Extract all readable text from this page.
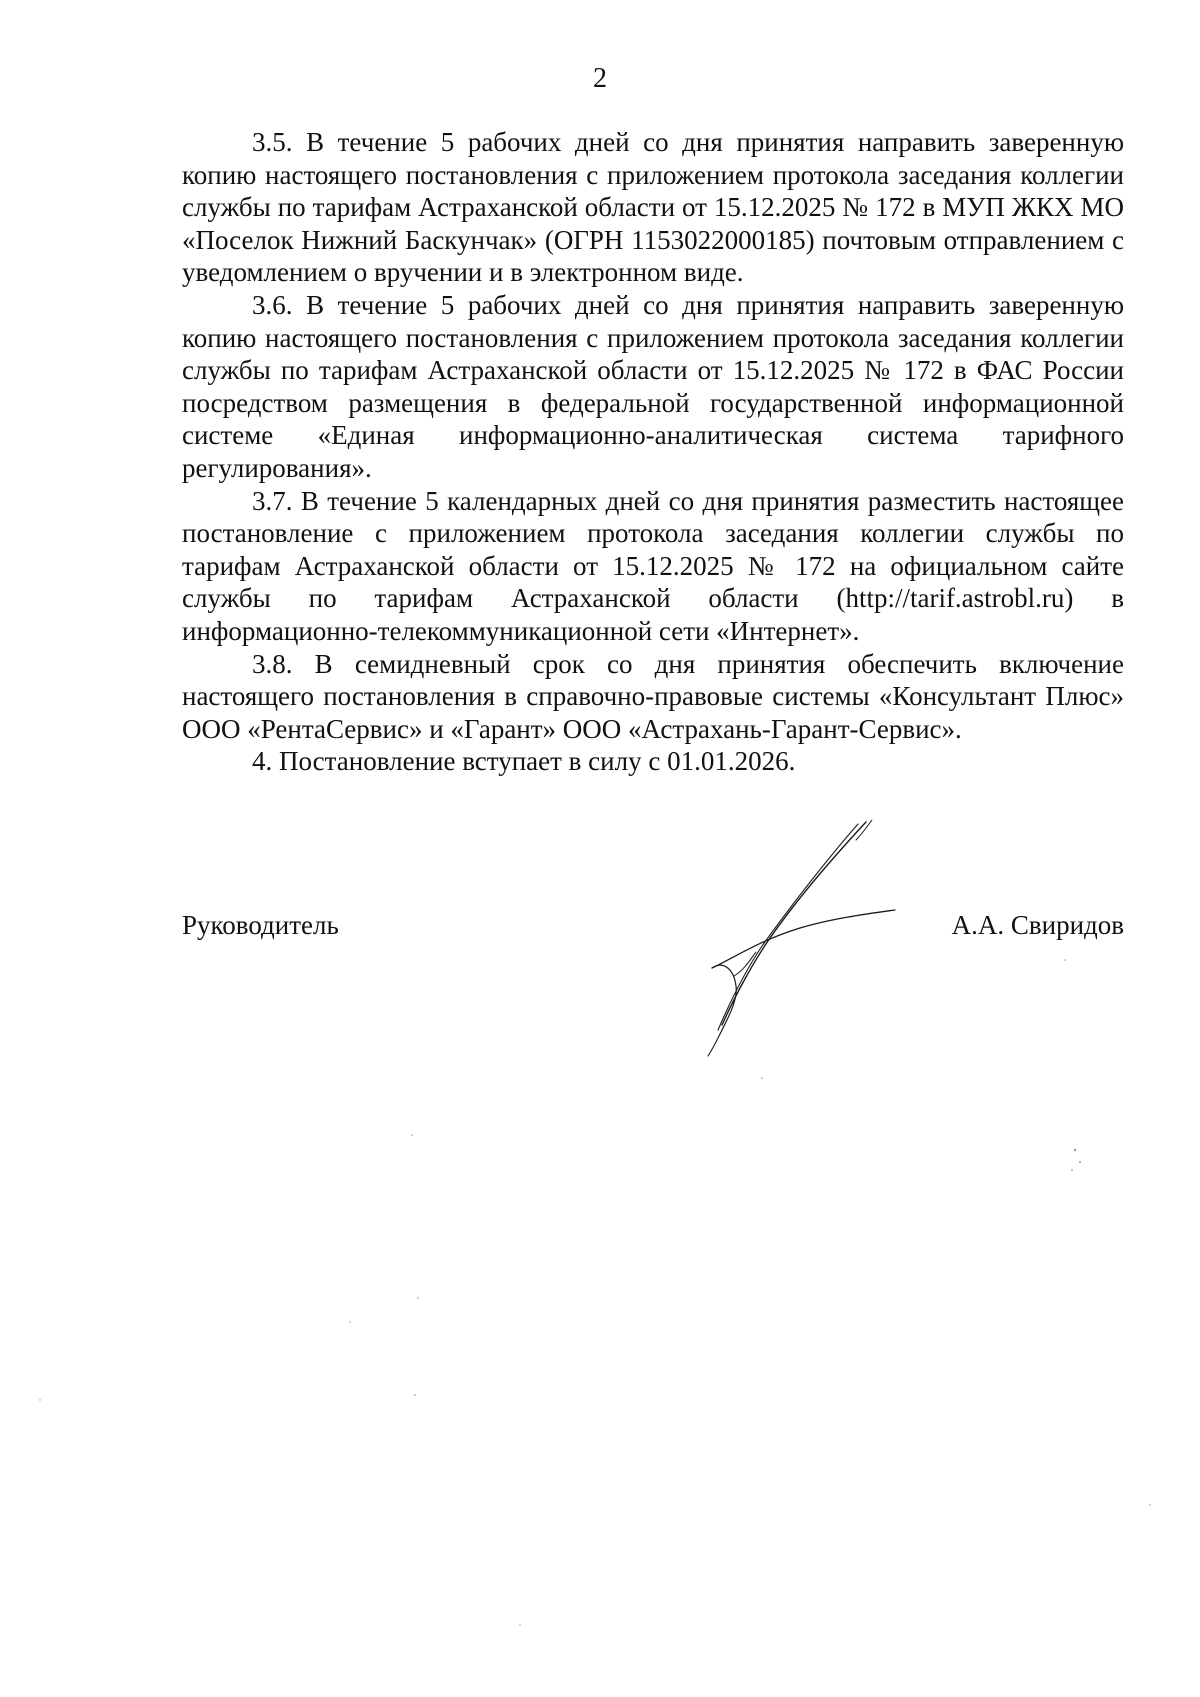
2

3.5. В течение 5 рабочих дней со дня принятия направить заверенную копию настоящего постановления с приложением протокола заседания коллегии службы по тарифам Астраханской области от 15.12.2025 № 172 в МУП ЖКХ МО «Поселок Нижний Баскунчак» (ОГРН 1153022000185) почтовым отправлением с уведомлением о вручении и в электронном виде.

3.6. В течение 5 рабочих дней со дня принятия направить заверенную копию настоящего постановления с приложением протокола заседания коллегии службы по тарифам Астраханской области от 15.12.2025 № 172 в ФАС России посредством размещения в федеральной государственной информационной системе «Единая информационно-аналитическая система тарифного регулирования».

3.7. В течение 5 календарных дней со дня принятия разместить настоящее постановление с приложением протокола заседания коллегии службы по тарифам Астраханской области от 15.12.2025 № 172 на официальном сайте службы по тарифам Астраханской области (http://tarif.astrobl.ru) в информационно-телекоммуникационной сети «Интернет».

3.8. В семидневный срок со дня принятия обеспечить включение настоящего постановления в справочно-правовые системы «Консультант Плюс» ООО «РентаСервис» и «Гарант» ООО «Астрахань-Гарант-Сервис».

4. Постановление вступает в силу с 01.01.2026.

Руководитель	А.А. Свиридов
